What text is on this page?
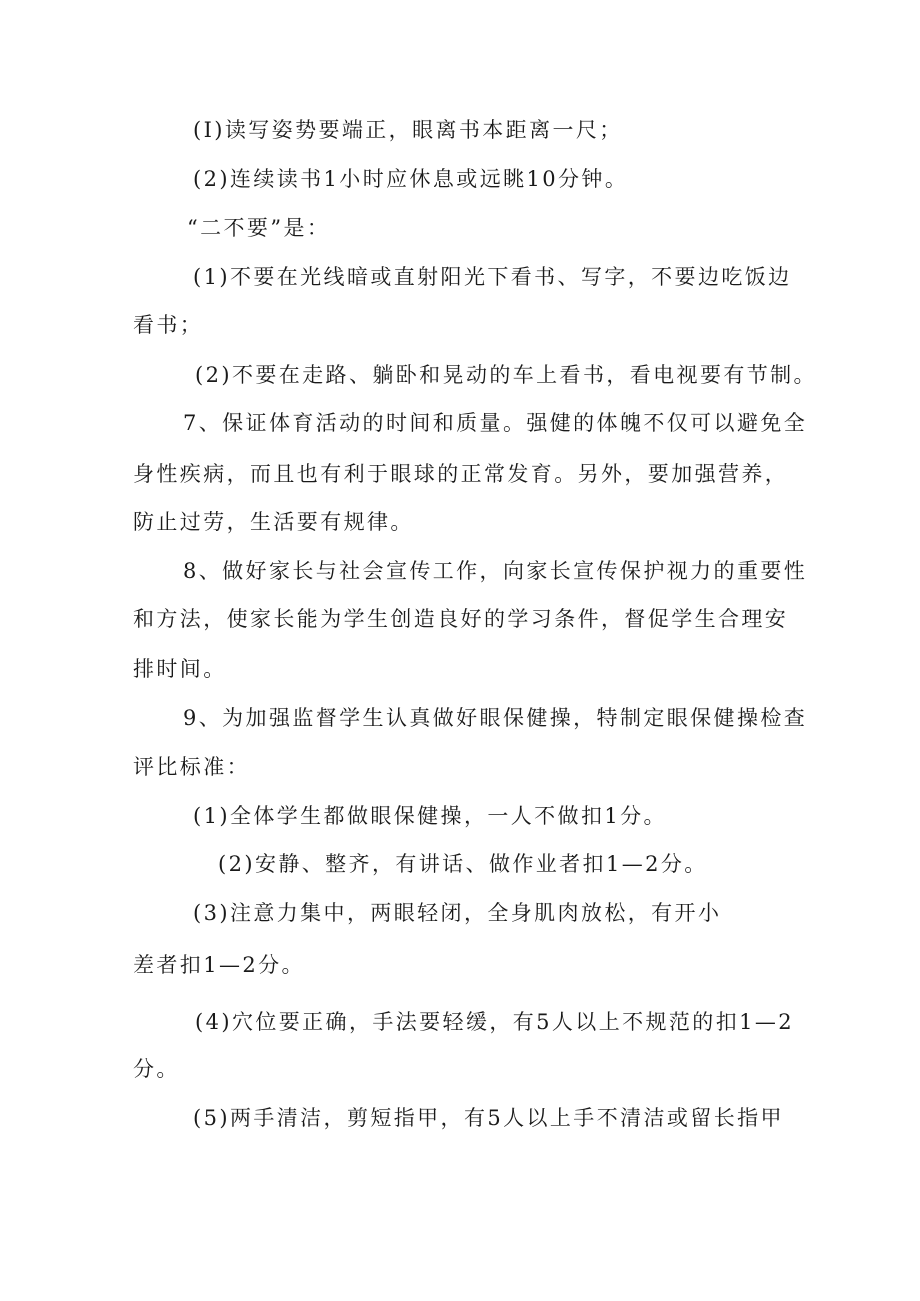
(I)读写姿势要端正，眼离书本距离一尺；
(2)连续读书1小时应休息或远眺10分钟。
“二不要”是：
(1)不要在光线暗或直射阳光下看书、写字，不要边吃饭边
看书；
(2)不要在走路、躺卧和晃动的车上看书，看电视要有节制。
7、保证体育活动的时间和质量。强健的体魄不仅可以避免全
身性疾病，而且也有利于眼球的正常发育。另外，要加强营养，
防止过劳，生活要有规律。
8、做好家长与社会宣传工作，向家长宣传保护视力的重要性
和方法，使家长能为学生创造良好的学习条件，督促学生合理安
排时间。
9、为加强监督学生认真做好眼保健操，特制定眼保健操检查
评比标准：
(1)全体学生都做眼保健操，一人不做扣1分。
(2)安静、整齐，有讲话、做作业者扣1—2分。
(3)注意力集中，两眼轻闭，全身肌肉放松，有开小
差者扣1—2分。
(4)穴位要正确，手法要轻缓，有5人以上不规范的扣1—2
分。
(5)两手清洁，剪短指甲，有5人以上手不清洁或留长指甲
